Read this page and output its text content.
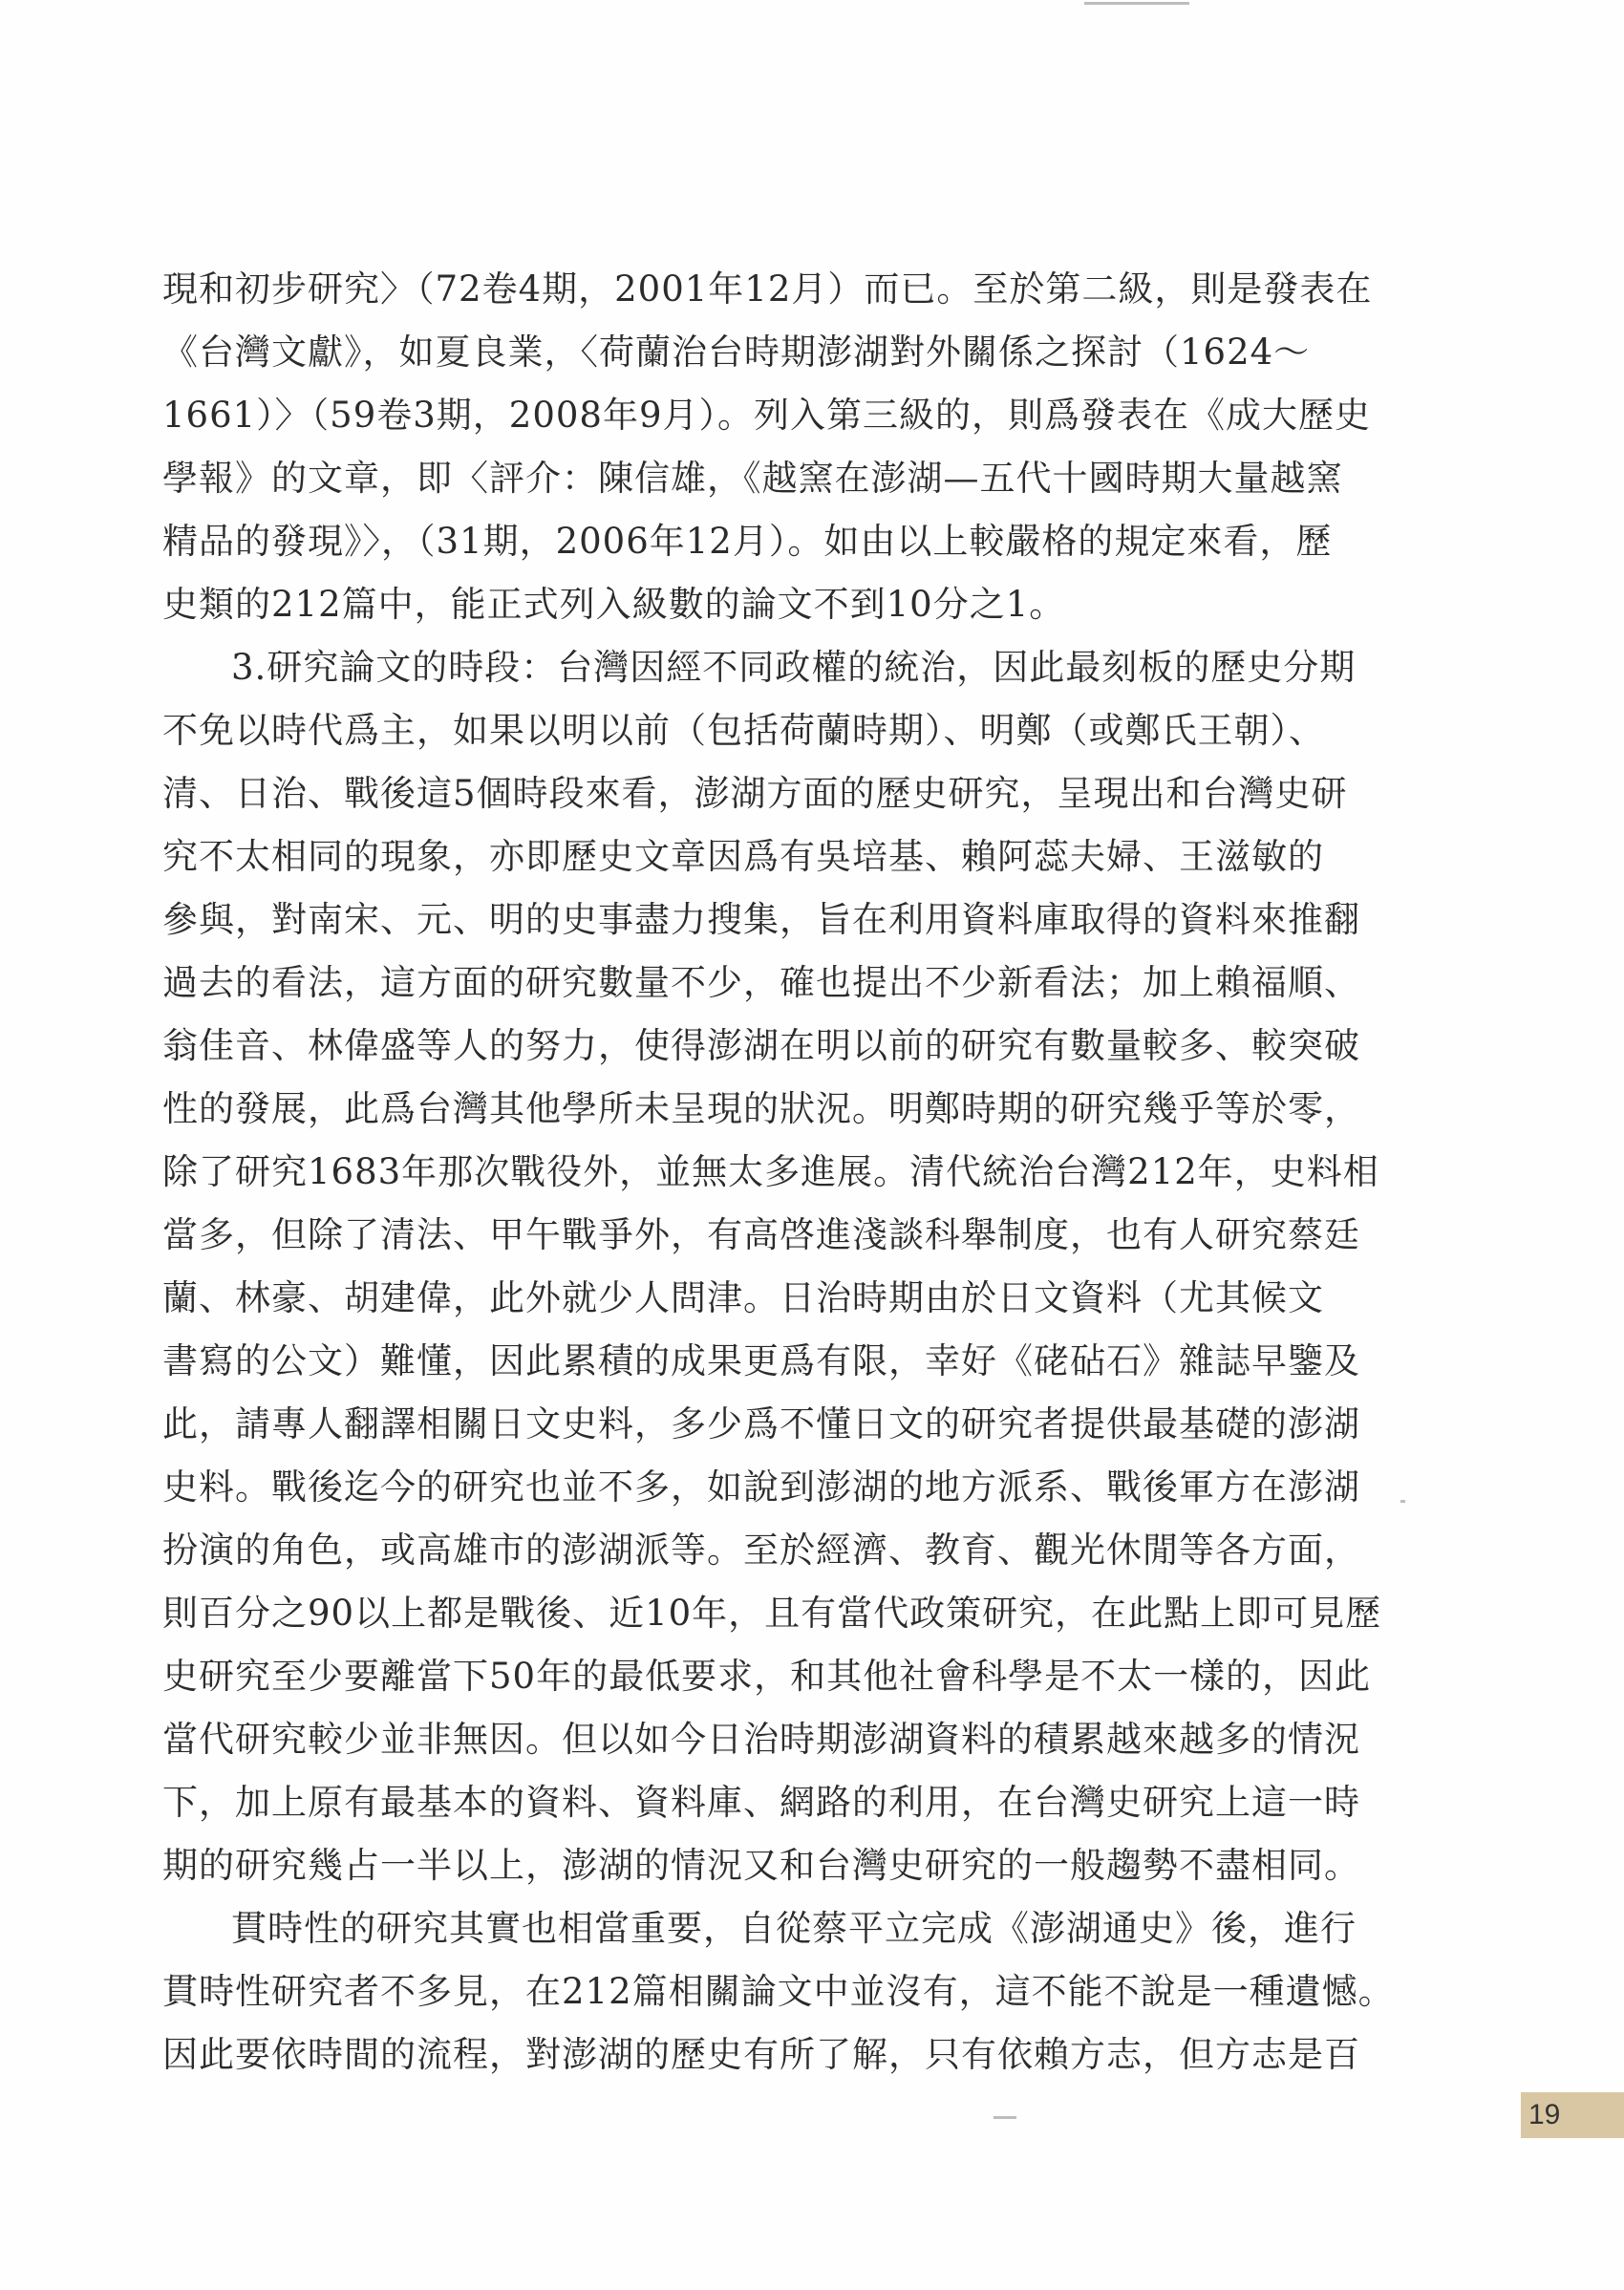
現和初步研究〉（72卷4期，2001年12月）而已。至於第二級，則是發表在
《台灣文獻》，如夏良業，〈荷蘭治台時期澎湖對外關係之探討（1624～
1661）〉（59卷3期，2008年9月）。列入第三級的，則爲發表在《成大歷史
學報》的文章，即〈評介：陳信雄，《越窯在澎湖—五代十國時期大量越窯
精品的發現》〉，（31期，2006年12月）。如由以上較嚴格的規定來看，歷
史類的212篇中，能正式列入級數的論文不到10分之1。
3.研究論文的時段：台灣因經不同政權的統治，因此最刻板的歷史分期
不免以時代爲主，如果以明以前（包括荷蘭時期）、明鄭（或鄭氏王朝）、
清、日治、戰後這5個時段來看，澎湖方面的歷史研究，呈現出和台灣史研
究不太相同的現象，亦即歷史文章因爲有吳培基、賴阿蕊夫婦、王滋敏的
參與，對南宋、元、明的史事盡力搜集，旨在利用資料庫取得的資料來推翻
過去的看法，這方面的研究數量不少，確也提出不少新看法；加上賴福順、
翁佳音、林偉盛等人的努力，使得澎湖在明以前的研究有數量較多、較突破
性的發展，此爲台灣其他學所未呈現的狀況。明鄭時期的研究幾乎等於零，
除了研究1683年那次戰役外，並無太多進展。清代統治台灣212年，史料相
當多，但除了清法、甲午戰爭外，有高啓進淺談科舉制度，也有人研究蔡廷
蘭、林豪、胡建偉，此外就少人問津。日治時期由於日文資料（尤其候文
書寫的公文）難懂，因此累積的成果更爲有限，幸好《硓砧石》雜誌早鑒及
此，請專人翻譯相關日文史料，多少爲不懂日文的研究者提供最基礎的澎湖
史料。戰後迄今的研究也並不多，如說到澎湖的地方派系、戰後軍方在澎湖
扮演的角色，或高雄市的澎湖派等。至於經濟、教育、觀光休閒等各方面，
則百分之90以上都是戰後、近10年，且有當代政策研究，在此點上即可見歷
史研究至少要離當下50年的最低要求，和其他社會科學是不太一樣的，因此
當代研究較少並非無因。但以如今日治時期澎湖資料的積累越來越多的情況
下，加上原有最基本的資料、資料庫、網路的利用，在台灣史研究上這一時
期的研究幾占一半以上，澎湖的情況又和台灣史研究的一般趨勢不盡相同。
貫時性的研究其實也相當重要，自從蔡平立完成《澎湖通史》後，進行
貫時性研究者不多見，在212篇相關論文中並沒有，這不能不說是一種遺憾。
因此要依時間的流程，對澎湖的歷史有所了解，只有依賴方志，但方志是百
19
